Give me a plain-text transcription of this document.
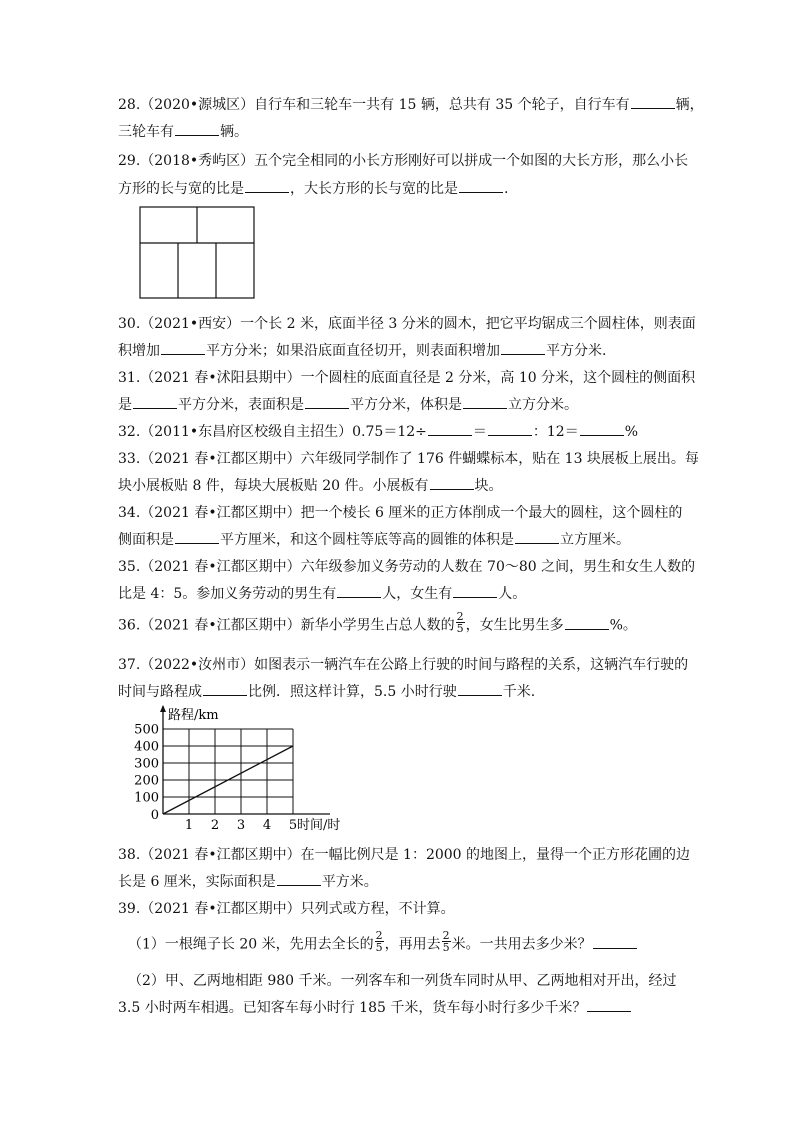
28.（2020•源城区）自行车和三轮车一共有 15 辆，总共有 35 个轮子，自行车有	辆，
三轮车有	辆。
29.（2018•秀屿区）五个完全相同的小长方形刚好可以拼成一个如图的大长方形，那么小长
方形的长与宽的比是	，大长方形的长与宽的比是	.
30.（2021•西安）一个长 2 米，底面半径 3 分米的圆木，把它平均锯成三个圆柱体，则表面
积增加	平方分米；如果沿底面直径切开，则表面积增加	平方分米.
31.（2021 春•沭阳县期中）一个圆柱的底面直径是 2 分米，高 10 分米，这个圆柱的侧面积
是	平方分米，表面积是	平方分米，体积是	立方分米。
32.（2011•东昌府区校级自主招生）0.75＝12÷	＝	：12＝	%
33.（2021 春•江都区期中）六年级同学制作了 176 件蝴蝶标本，贴在 13 块展板上展出。每
块小展板贴 8 件，每块大展板贴 20 件。小展板有	块。
34.（2021 春•江都区期中）把一个棱长 6 厘米的正方体削成一个最大的圆柱，这个圆柱的
侧面积是	平方厘米，和这个圆柱等底等高的圆锥的体积是	立方厘米。
35.（2021 春•江都区期中）六年级参加义务劳动的人数在 70～80 之间，男生和女生人数的
比是 4：5。参加义务劳动的男生有	人，女生有	人。
36.（2021 春•江都区期中）新华小学男生占总人数的 $\frac{2}{5}$ ，女生比男生多	%。
37.（2022•汝州市）如图表示一辆汽车在公路上行驶的时间与路程的关系，这辆汽车行驶的
时间与路程成	比例．照这样计算，5.5 小时行驶	千米.
100
200
300
400
500
1 2 3 4 5
路程/km
时间/时
0
38.（2021 春•江都区期中）在一幅比例尺是 1：2000 的地图上，量得一个正方形花圃的边
长是 6 厘米，实际面积是	平方米。
39.（2021 春•江都区期中）只列式或方程，不计算。
（1）一根绳子长 20 米，先用去全长的 $\frac{2}{5}$ ，再用去 $\frac{2}{5}$ 米。一共用去多少米？
（2）甲、乙两地相距 980 千米。一列客车和一列货车同时从甲、乙两地相对开出，经过
3.5 小时两车相遇。已知客车每小时行 185 千米，货车每小时行多少千米？
